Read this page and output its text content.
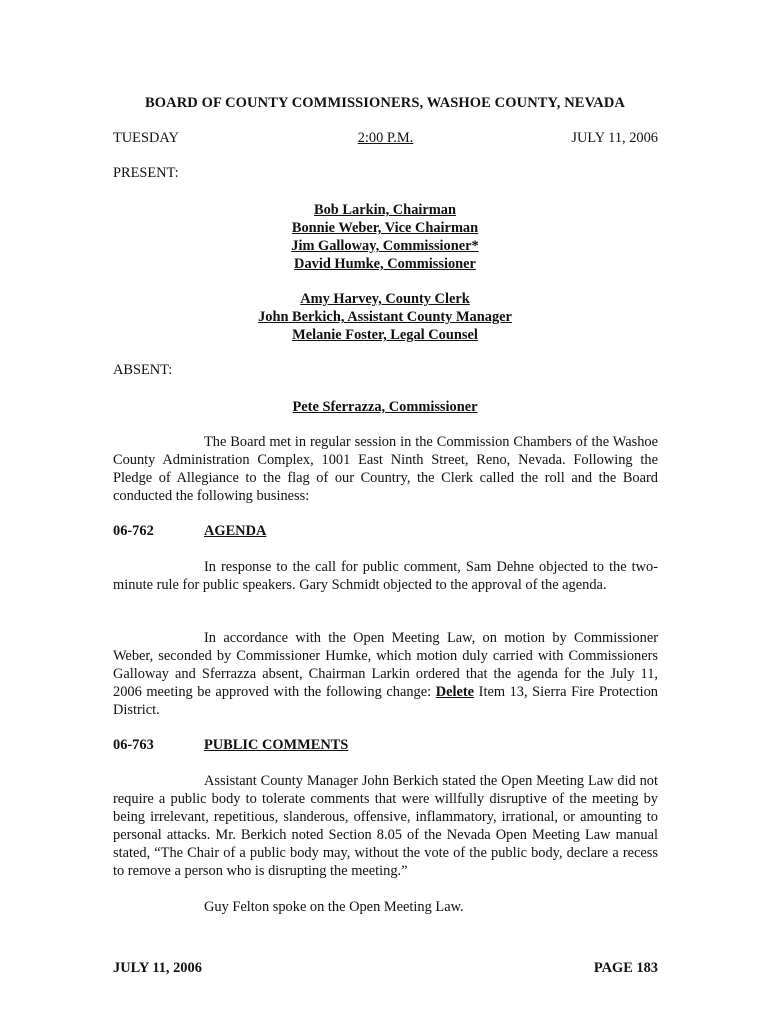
BOARD OF COUNTY COMMISSIONERS, WASHOE COUNTY, NEVADA
2:00 P.M.
TUESDAY	JULY 11, 2006
PRESENT:
Bob Larkin, Chairman
Bonnie Weber, Vice Chairman
Jim Galloway, Commissioner*
David Humke, Commissioner
Amy Harvey, County Clerk
John Berkich, Assistant County Manager
Melanie Foster, Legal Counsel
ABSENT:
Pete Sferrazza, Commissioner
The Board met in regular session in the Commission Chambers of the Washoe County Administration Complex, 1001 East Ninth Street, Reno, Nevada. Following the Pledge of Allegiance to the flag of our Country, the Clerk called the roll and the Board conducted the following business:
06-762	AGENDA
In response to the call for public comment, Sam Dehne objected to the two-minute rule for public speakers. Gary Schmidt objected to the approval of the agenda.
In accordance with the Open Meeting Law, on motion by Commissioner Weber, seconded by Commissioner Humke, which motion duly carried with Commissioners Galloway and Sferrazza absent, Chairman Larkin ordered that the agenda for the July 11, 2006 meeting be approved with the following change: Delete Item 13, Sierra Fire Protection District.
06-763	PUBLIC COMMENTS
Assistant County Manager John Berkich stated the Open Meeting Law did not require a public body to tolerate comments that were willfully disruptive of the meeting by being irrelevant, repetitious, slanderous, offensive, inflammatory, irrational, or amounting to personal attacks. Mr. Berkich noted Section 8.05 of the Nevada Open Meeting Law manual stated, “The Chair of a public body may, without the vote of the public body, declare a recess to remove a person who is disrupting the meeting.”
Guy Felton spoke on the Open Meeting Law.
JULY 11, 2006	PAGE 183
